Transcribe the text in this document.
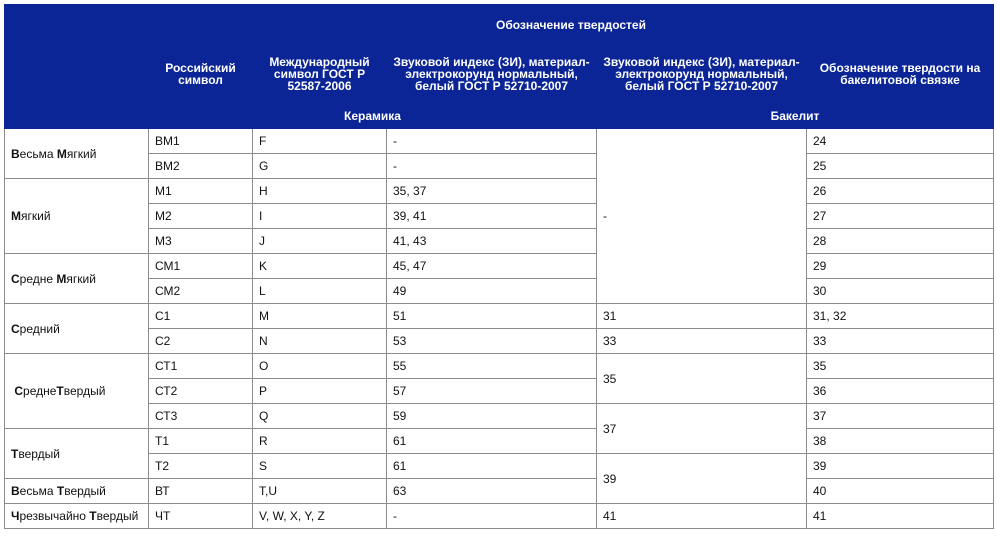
	Обозначение твердостей				
	Российский символ	Международный символ ГОСТ Р 52587-2006	Звуковой индекс (ЗИ), материал- электрокорунд нормальный, белый ГОСТ Р 52710-2007	Звуковой индекс (ЗИ), материал- электрокорунд нормальный, белый ГОСТ Р 52710-2007	Обозначение твердости на бакелитовой связке
	Керамика			Бакелит	
Весьма Мягкий	ВМ1	F	-	-	24
	ВМ2	G	-		25
Мягкий	М1	H	35, 37		26
	М2	I	39, 41		27
	М3	J	41, 43		28
Средне Мягкий	СМ1	K	45, 47		29
	СМ2	L	49		30
Средний	С1	M	51	31	31, 32
	С2	N	53	33	33
СреднеТвердый	СТ1	O	55	35	35
	СТ2	P	57		36
	СТ3	Q	59	37	37
Твердый	Т1	R	61		38
	Т2	S	61	39	39
Весьма Твердый	ВТ	T,U	63		40
Чрезвычайно Твердый	ЧТ	V, W, X, Y, Z	-	41	41
